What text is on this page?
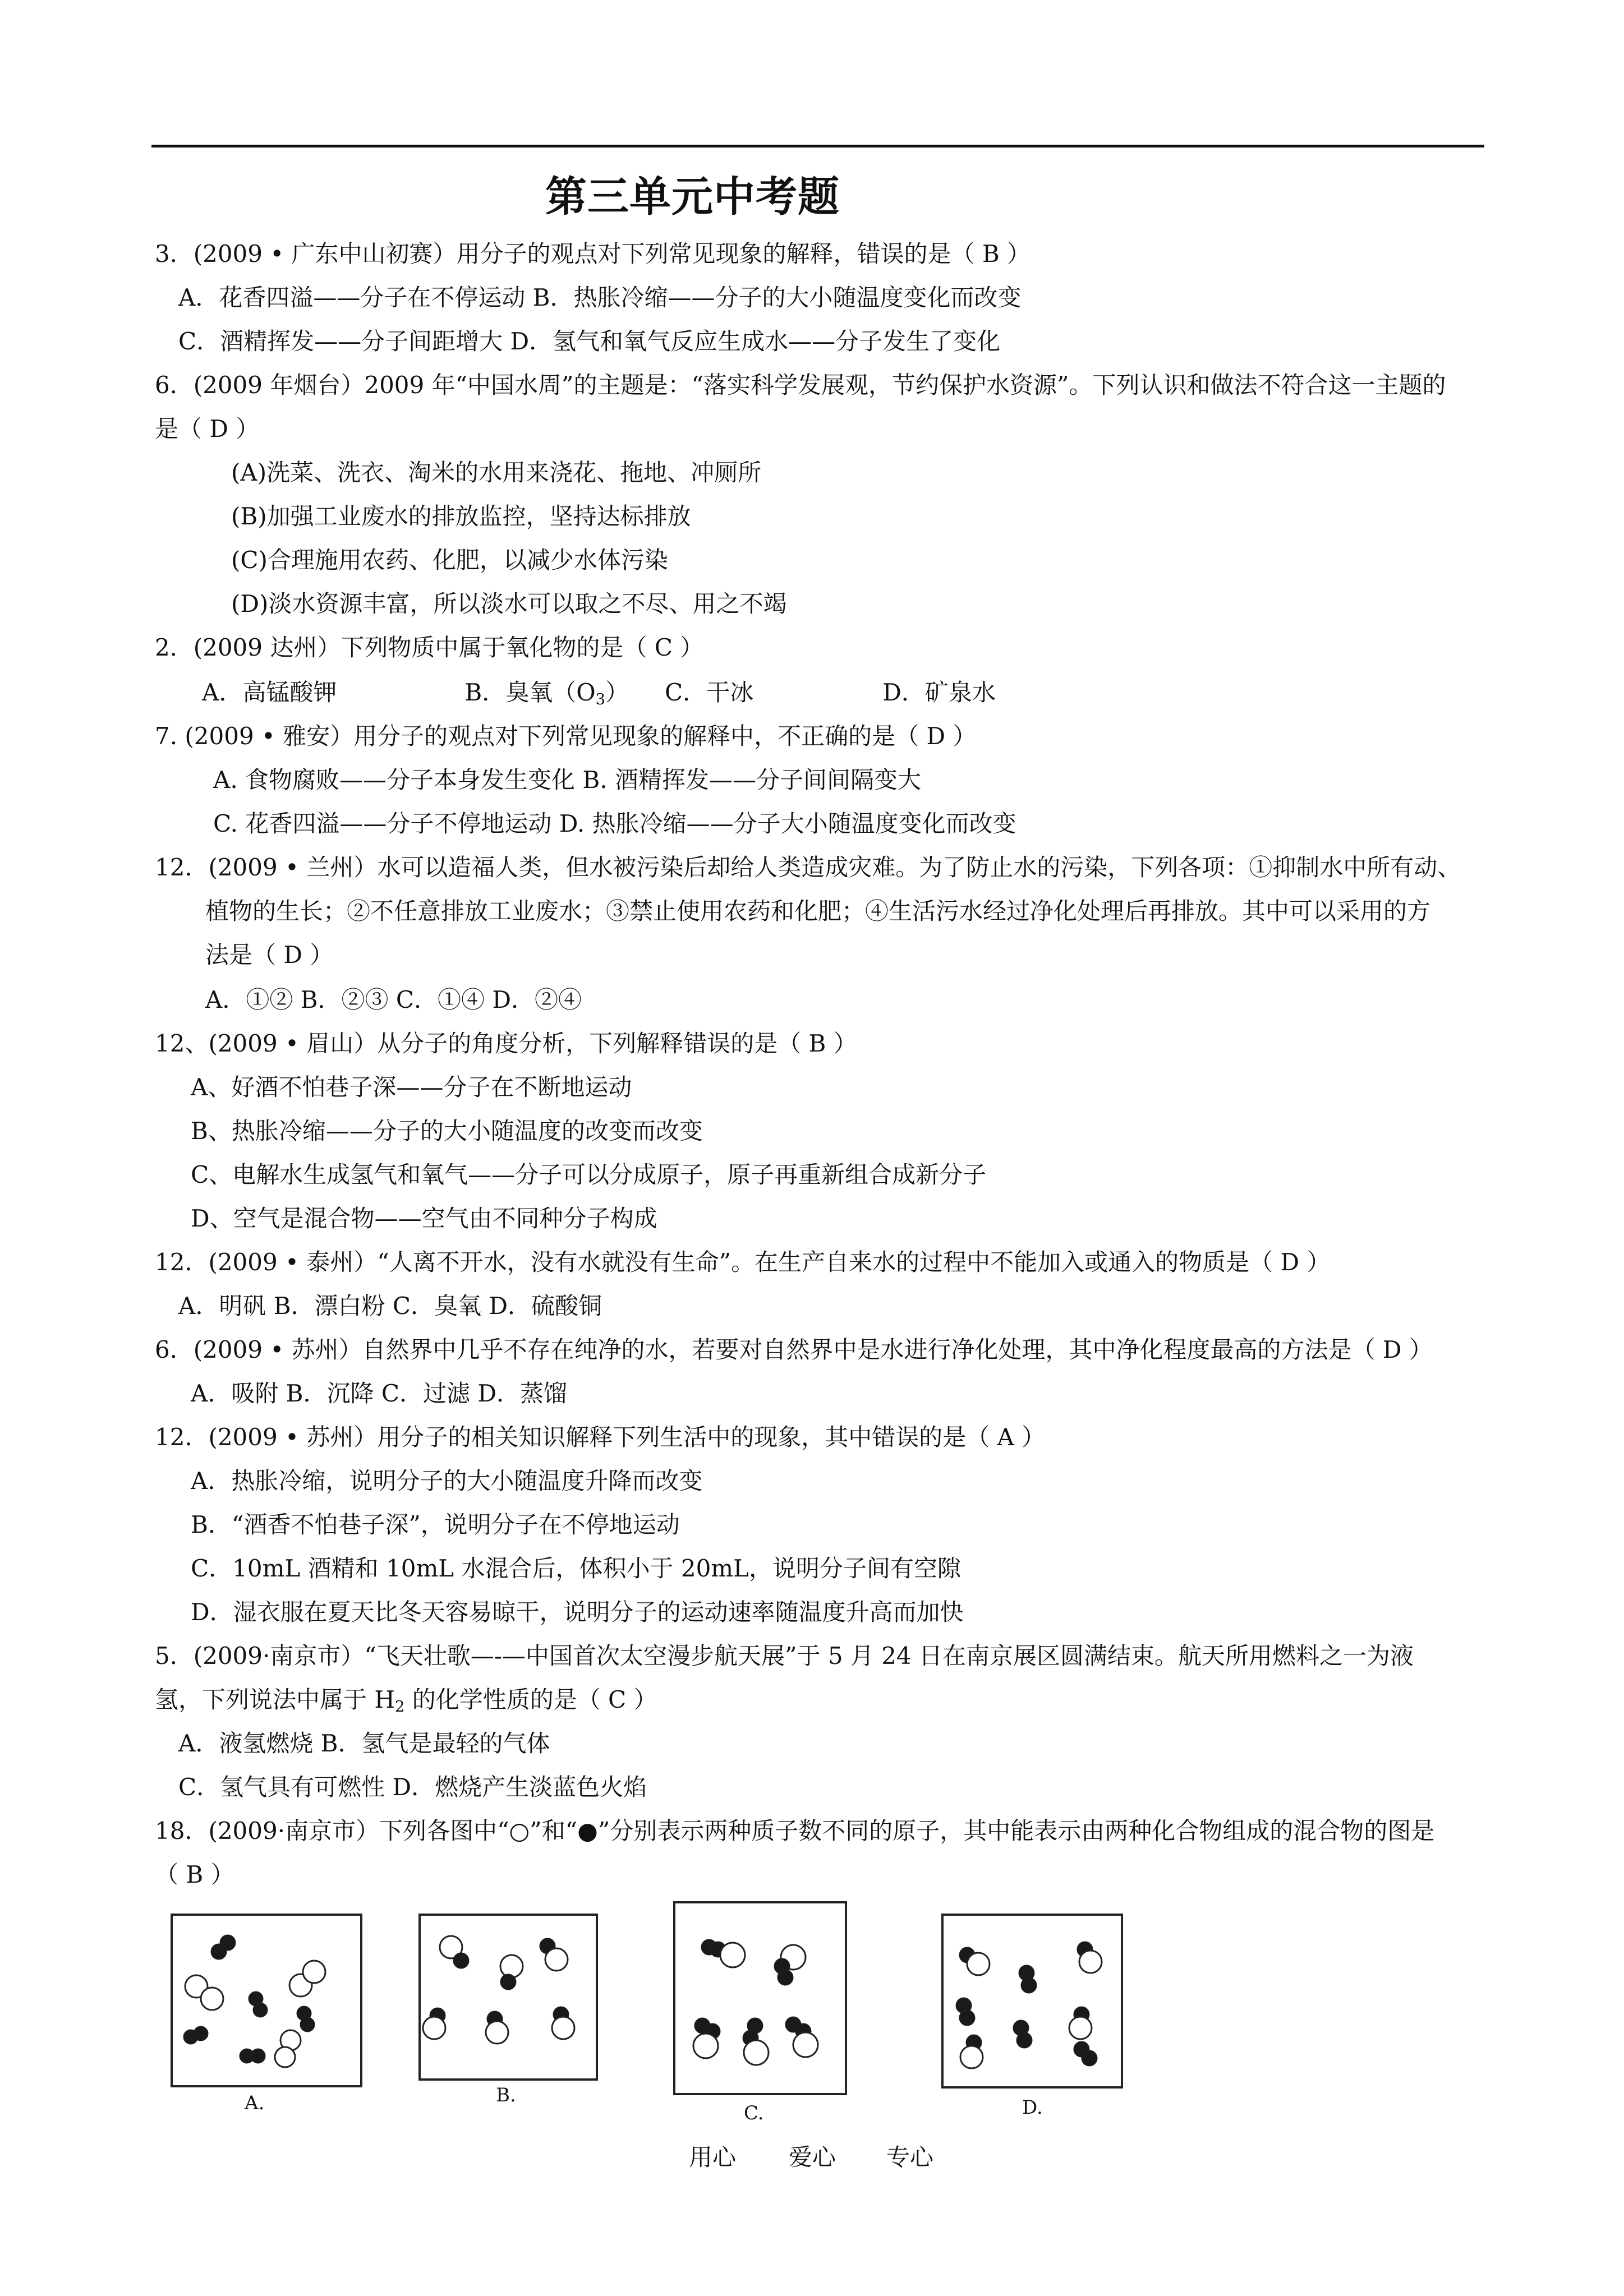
第三单元中考题
3．(2009 • 广东中山初赛）用分子的观点对下列常见现象的解释，错误的是（ B ）
A．花香四溢——分子在不停运动 B．热胀冷缩——分子的大小随温度变化而改变
C．酒精挥发——分子间距增大 D．氢气和氧气反应生成水——分子发生了变化
6．(2009 年烟台）2009 年“中国水周”的主题是：“落实科学发展观，节约保护水资源”。下列认识和做法不符合这一主题的
是（ D ）
(A)洗菜、洗衣、淘米的水用来浇花、拖地、冲厕所
(B)加强工业废水的排放监控，坚持达标排放
(C)合理施用农药、化肥，以减少水体污染
(D)淡水资源丰富，所以淡水可以取之不尽、用之不竭
2．(2009 达州）下列物质中属于氧化物的是（ C ）
A．高锰酸钾	B．臭氧$(O_3)$ C．干冰	D．矿泉水
7. (2009 • 雅安）用分子的观点对下列常见现象的解释中，不正确的是（ D ）
A. 食物腐败——分子本身发生变化 B. 酒精挥发——分子间间隔变大
C. 花香四溢——分子不停地运动 D. 热胀冷缩——分子大小随温度变化而改变
12．(2009 • 兰州）水可以造福人类，但水被污染后却给人类造成灾难。为了防止水的污染，下列各项：①抑制水中所有动、
植物的生长；②不任意排放工业废水；③禁止使用农药和化肥；④生活污水经过净化处理后再排放。其中可以采用的方
法是（ D ）
A．①② B．②③ C．①④ D．②④
12、(2009 • 眉山）从分子的角度分析，下列解释错误的是（ B ）
A、好酒不怕巷子深——分子在不断地运动
B、热胀冷缩——分子的大小随温度的改变而改变
C、电解水生成氢气和氧气——分子可以分成原子，原子再重新组合成新分子
D、空气是混合物——空气由不同种分子构成
12．(2009 • 泰州）“人离不开水，没有水就没有生命”。在生产自来水的过程中不能加入或通入的物质是（ D ）
A．明矾 B．漂白粉 C．臭氧 D．硫酸铜
6．(2009 • 苏州）自然界中几乎不存在纯净的水，若要对自然界中是水进行净化处理，其中净化程度最高的方法是（ D ）
A．吸附 B．沉降 C．过滤 D．蒸馏
12．(2009 • 苏州）用分子的相关知识解释下列生活中的现象，其中错误的是（ A ）
A．热胀冷缩，说明分子的大小随温度升降而改变
B．“酒香不怕巷子深”，说明分子在不停地运动
C．10mL 酒精和 10mL 水混合后，体积小于 20mL，说明分子间有空隙
D．湿衣服在夏天比冬天容易晾干，说明分子的运动速率随温度升高而加快
5．(2009·南京市）“飞天壮歌—-—中国首次太空漫步航天展”于 5 月 24 日在南京展区圆满结束。航天所用燃料之一为液
氢，下列说法中属于 $H_2$ 的化学性质的是（ C ）
A．液氢燃烧 B．氢气是最轻的气体
C．氢气具有可燃性 D．燃烧产生淡蓝色火焰
18．(2009·南京市）下列各图中“○”和“●”分别表示两种质子数不同的原子，其中能表示由两种化合物组成的混合物的图是
（ B ）
A.	B.
C.	D.
用心 爱心 专心
